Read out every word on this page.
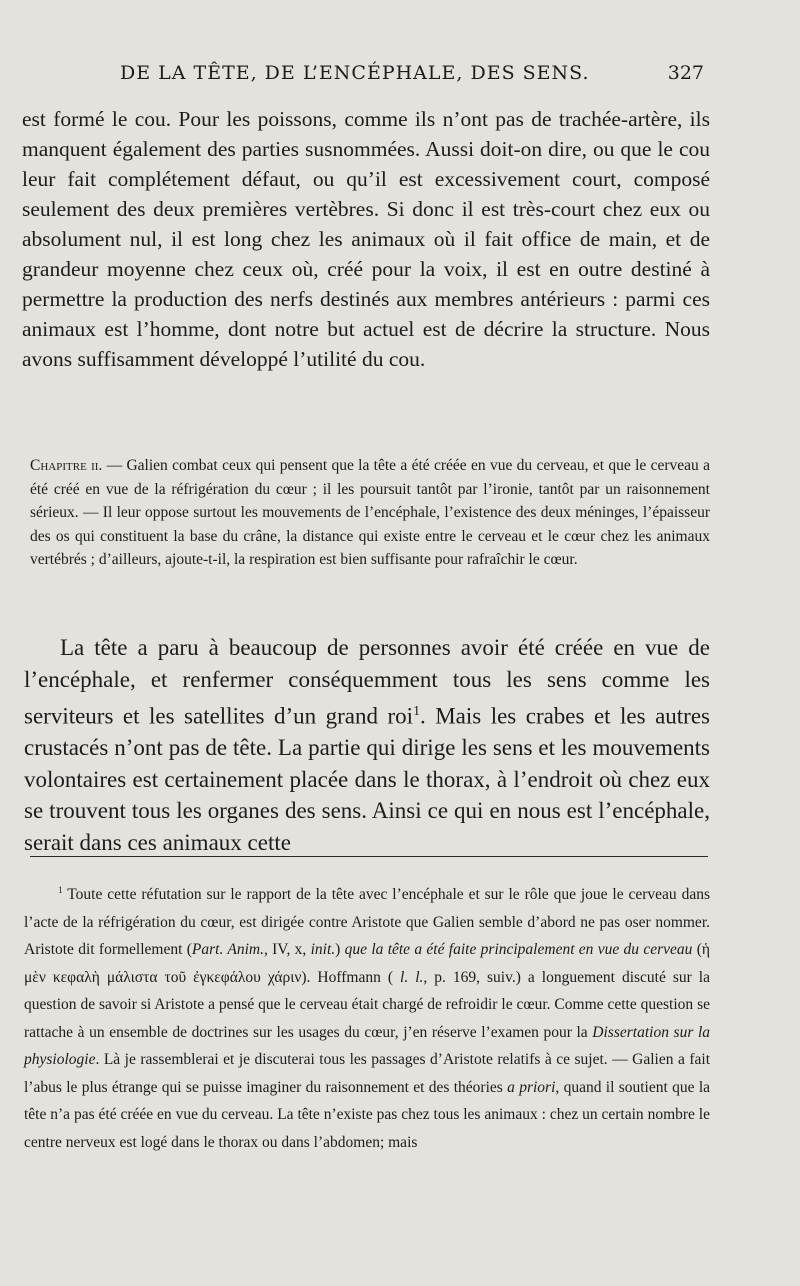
DE LA TÊTE, DE L’ENCÉPHALE, DES SENS.	327

est formé le cou. Pour les poissons, comme ils n’ont pas de trachée-artère, ils manquent également des parties susnommées. Aussi doit-on dire, ou que le cou leur fait complétement défaut, ou qu’il est excessivement court, composé seulement des deux premières vertèbres. Si donc il est très-court chez eux ou absolument nul, il est long chez les animaux où il fait office de main, et de grandeur moyenne chez ceux où, créé pour la voix, il est en outre destiné à permettre la production des nerfs destinés aux membres antérieurs : parmi ces animaux est l’homme, dont notre but actuel est de décrire la structure. Nous avons suffisamment développé l’utilité du cou.

Chapitre ii. — Galien combat ceux qui pensent que la tête a été créée en vue du cerveau, et que le cerveau a été créé en vue de la réfrigération du cœur ; il les poursuit tantôt par l’ironie, tantôt par un raisonnement sérieux. — Il leur oppose surtout les mouvements de l’encéphale, l’existence des deux méninges, l’épaisseur des os qui constituent la base du crâne, la distance qui existe entre le cerveau et le cœur chez les animaux vertébrés ; d’ailleurs, ajoute-t-il, la respiration est bien suffisante pour rafraîchir le cœur.

La tête a paru à beaucoup de personnes avoir été créée en vue de l’encéphale, et renfermer conséquemment tous les sens comme les serviteurs et les satellites d’un grand roi$^1$. Mais les crabes et les autres crustacés n’ont pas de tête. La partie qui dirige les sens et les mouvements volontaires est certainement placée dans le thorax, à l’endroit où chez eux se trouvent tous les organes des sens. Ainsi ce qui en nous est l’encéphale, serait dans ces animaux cette

$^1$ Toute cette réfutation sur le rapport de la tête avec l’encéphale et sur le rôle que joue le cerveau dans l’acte de la réfrigération du cœur, est dirigée contre Aristote que Galien semble d’abord ne pas oser nommer. Aristote dit formellement (Part. Anim., IV, x, init.) que la tête a été faite principalement en vue du cerveau (ἡ μὲν κεφαλὴ μάλιστα τοῦ ἐγκεφάλου χάριν). Hoffmann ( l. l., p. 169, suiv.) a longuement discuté sur la question de savoir si Aristote a pensé que le cerveau était chargé de refroidir le cœur. Comme cette question se rattache à un ensemble de doctrines sur les usages du cœur, j’en réserve l’examen pour la Dissertation sur la physiologie. Là je rassemblerai et je discuterai tous les passages d’Aristote relatifs à ce sujet. — Galien a fait l’abus le plus étrange qui se puisse imaginer du raisonnement et des théories a priori, quand il soutient que la tête n’a pas été créée en vue du cerveau. La tête n’existe pas chez tous les animaux : chez un certain nombre le centre nerveux est logé dans le thorax ou dans l’abdomen; mais
